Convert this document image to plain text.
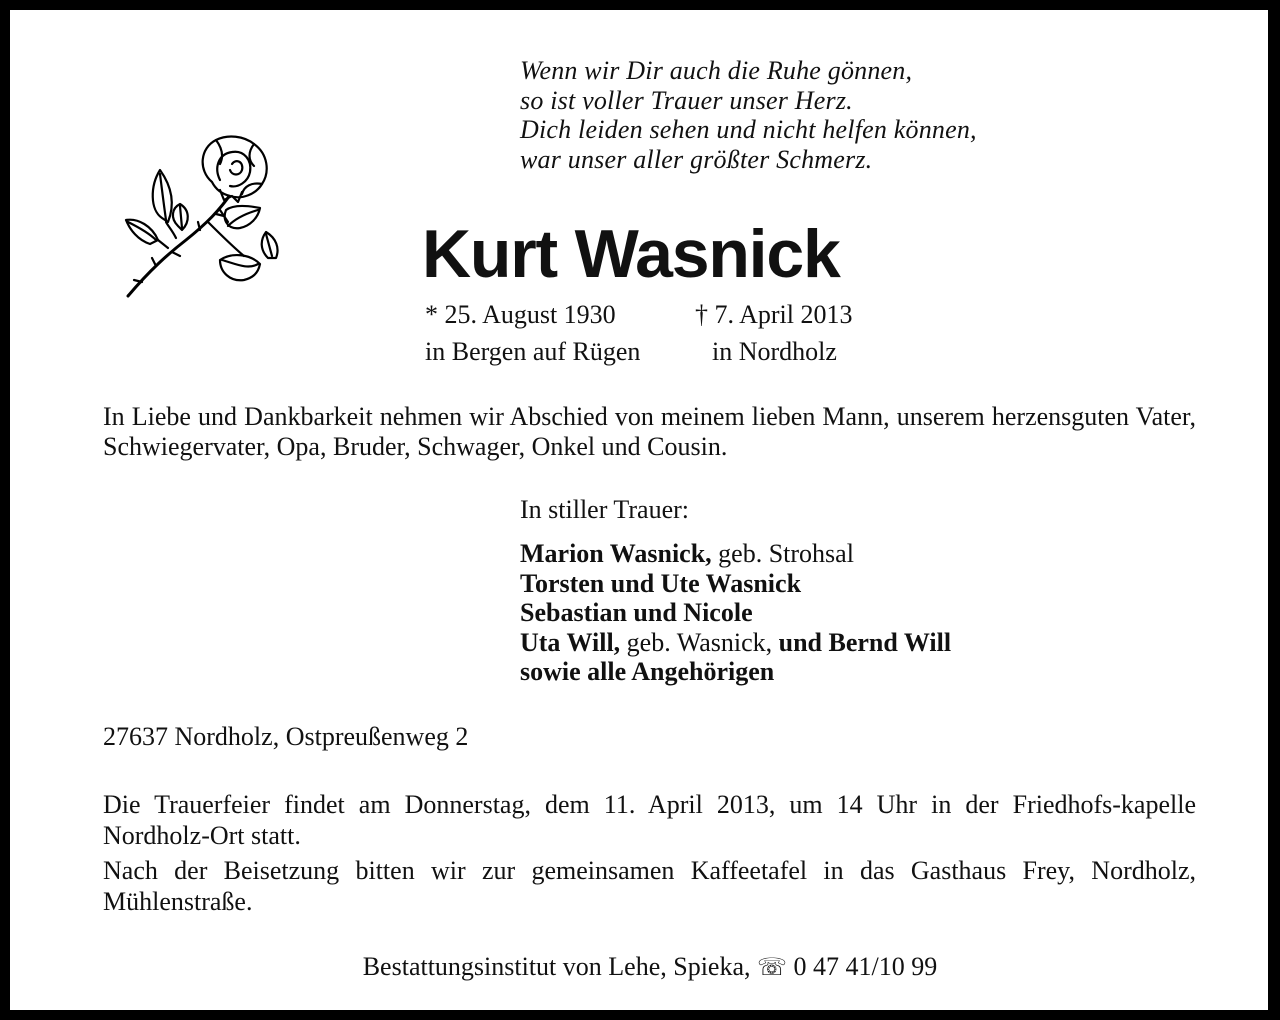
Wenn wir Dir auch die Ruhe gönnen,
so ist voller Trauer unser Herz.
Dich leiden sehen und nicht helfen können,
war unser aller größter Schmerz.
Kurt Wasnick
* 25. August 1930	† 7. April 2013
in Bergen auf Rügen	in Nordholz
In Liebe und Dankbarkeit nehmen wir Abschied von meinem lieben Mann, unserem herzensguten Vater, Schwiegervater, Opa, Bruder, Schwager, Onkel und Cousin.
In stiller Trauer:
Marion Wasnick, geb. Strohsal
Torsten und Ute Wasnick
Sebastian und Nicole
Uta Will, geb. Wasnick, und Bernd Will
sowie alle Angehörigen
27637 Nordholz, Ostpreußenweg 2
Die Trauerfeier findet am Donnerstag, dem 11. April 2013, um 14 Uhr in der Friedhofs-kapelle Nordholz-Ort statt.
Nach der Beisetzung bitten wir zur gemeinsamen Kaffeetafel in das Gasthaus Frey, Nordholz, Mühlenstraße.
Bestattungsinstitut von Lehe, Spieka, ☏ 0 47 41/10 99
